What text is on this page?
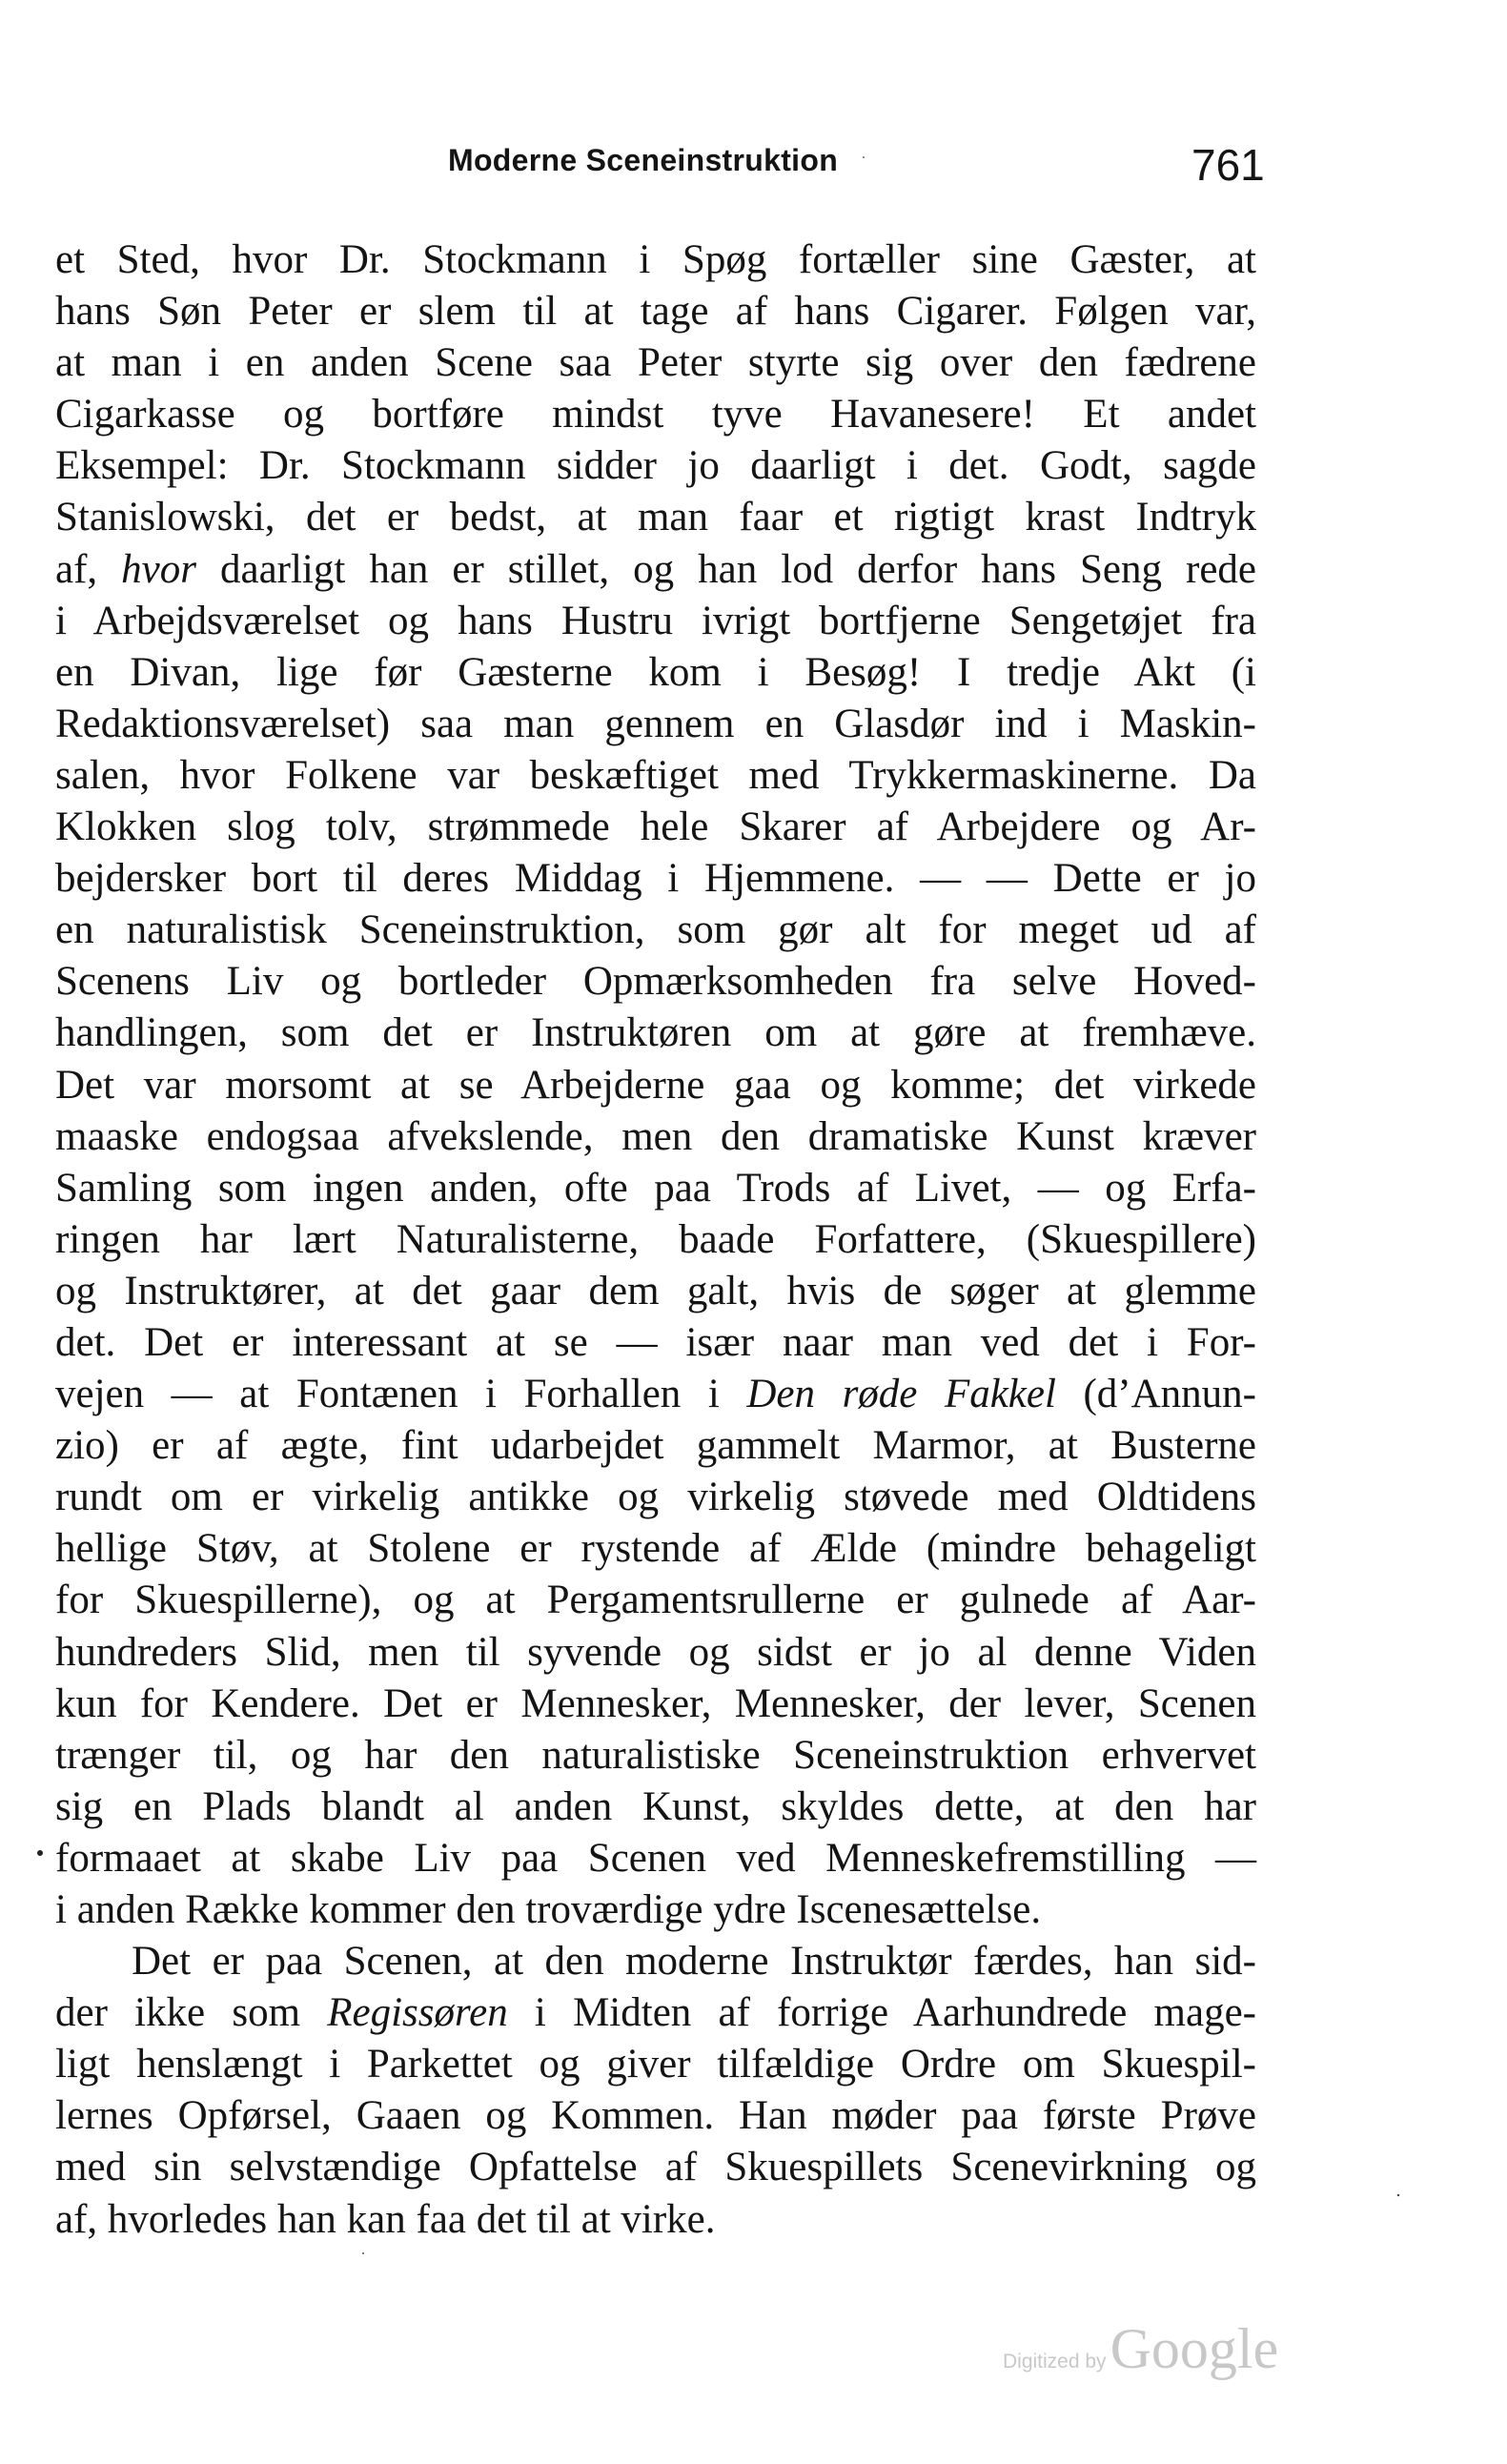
Moderne Sceneinstruktion	761
et Sted, hvor Dr. Stockmann i Spøg fortæller sine Gæster, at
hans Søn Peter er slem til at tage af hans Cigarer. Følgen var,
at man i en anden Scene saa Peter styrte sig over den fædrene
Cigarkasse og bortføre mindst tyve Havanesere! Et andet
Eksempel: Dr. Stockmann sidder jo daarligt i det. Godt, sagde
Stanislowski, det er bedst, at man faar et rigtigt krast Indtryk
af, hvor daarligt han er stillet, og han lod derfor hans Seng rede
i Arbejdsværelset og hans Hustru ivrigt bortfjerne Sengetøjet fra
en Divan, lige før Gæsterne kom i Besøg! I tredje Akt (i
Redaktionsværelset) saa man gennem en Glasdør ind i Maskin-
salen, hvor Folkene var beskæftiget med Trykkermaskinerne. Da
Klokken slog tolv, strømmede hele Skarer af Arbejdere og Ar-
bejdersker bort til deres Middag i Hjemmene. — — Dette er jo
en naturalistisk Sceneinstruktion, som gør alt for meget ud af
Scenens Liv og bortleder Opmærksomheden fra selve Hoved-
handlingen, som det er Instruktøren om at gøre at fremhæve.
Det var morsomt at se Arbejderne gaa og komme; det virkede
maaske endogsaa afvekslende, men den dramatiske Kunst kræver
Samling som ingen anden, ofte paa Trods af Livet, — og Erfa-
ringen har lært Naturalisterne, baade Forfattere, (Skuespillere)
og Instruktører, at det gaar dem galt, hvis de søger at glemme
det. Det er interessant at se — især naar man ved det i For-
vejen — at Fontænen i Forhallen i Den røde Fakkel (d’Annun-
zio) er af ægte, fint udarbejdet gammelt Marmor, at Busterne
rundt om er virkelig antikke og virkelig støvede med Oldtidens
hellige Støv, at Stolene er rystende af Ælde (mindre behageligt
for Skuespillerne), og at Pergamentsrullerne er gulnede af Aar-
hundreders Slid, men til syvende og sidst er jo al denne Viden
kun for Kendere. Det er Mennesker, Mennesker, der lever, Scenen
trænger til, og har den naturalistiske Sceneinstruktion erhvervet
sig en Plads blandt al anden Kunst, skyldes dette, at den har
formaaet at skabe Liv paa Scenen ved Menneskefremstilling —
i anden Række kommer den troværdige ydre Iscenesættelse.
Det er paa Scenen, at den moderne Instruktør færdes, han sid-
der ikke som Regissøren i Midten af forrige Aarhundrede mage-
ligt henslængt i Parkettet og giver tilfældige Ordre om Skuespil-
lernes Opførsel, Gaaen og Kommen. Han møder paa første Prøve
med sin selvstændige Opfattelse af Skuespillets Scenevirkning og
af, hvorledes han kan faa det til at virke.
Digitized by Google
